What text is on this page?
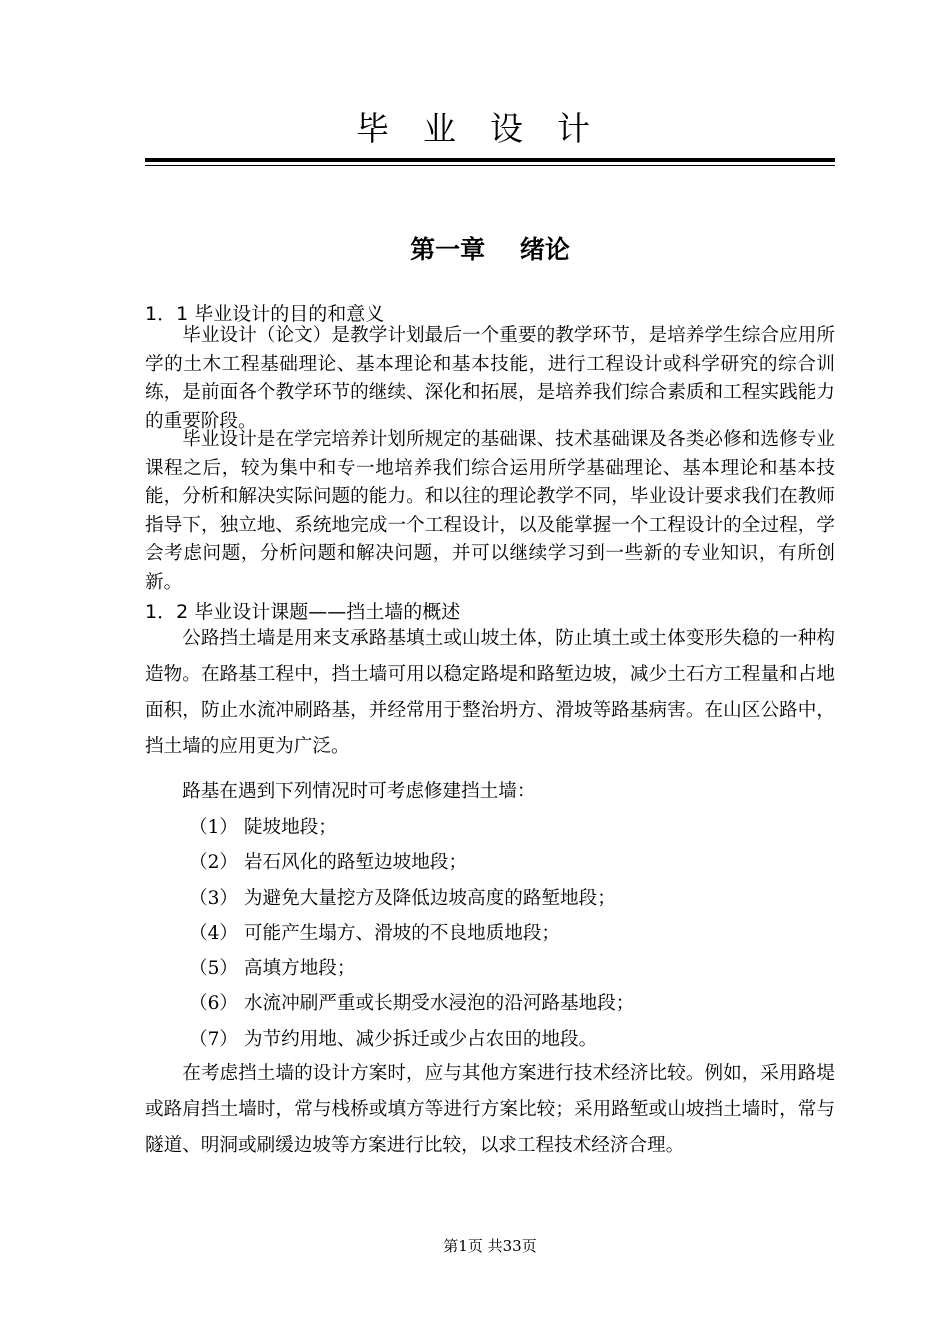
毕业设计
第一章    绪论
1．1 毕业设计的目的和意义

毕业设计（论文）是教学计划最后一个重要的教学环节，是培养学生综合应用所学的土木工程基础理论、基本理论和基本技能，进行工程设计或科学研究的综合训练，是前面各个教学环节的继续、深化和拓展，是培养我们综合素质和工程实践能力的重要阶段。

毕业设计是在学完培养计划所规定的基础课、技术基础课及各类必修和选修专业课程之后，较为集中和专一地培养我们综合运用所学基础理论、基本理论和基本技能，分析和解决实际问题的能力。和以往的理论教学不同，毕业设计要求我们在教师指导下，独立地、系统地完成一个工程设计，以及能掌握一个工程设计的全过程，学会考虑问题，分析问题和解决问题，并可以继续学习到一些新的专业知识，有所创新。

1．2 毕业设计课题——挡土墙的概述

公路挡土墙是用来支承路基填土或山坡土体，防止填土或土体变形失稳的一种构造物。在路基工程中，挡土墙可用以稳定路堤和路堑边坡，减少土石方工程量和占地面积，防止水流冲刷路基，并经常用于整治坍方、滑坡等路基病害。在山区公路中，挡土墙的应用更为广泛。

路基在遇到下列情况时可考虑修建挡土墙：

（1） 陡坡地段；
（2） 岩石风化的路堑边坡地段；
（3） 为避免大量挖方及降低边坡高度的路堑地段；
（4） 可能产生塌方、滑坡的不良地质地段；
（5） 高填方地段；
（6） 水流冲刷严重或长期受水浸泡的沿河路基地段；
（7） 为节约用地、减少拆迁或少占农田的地段。

在考虑挡土墙的设计方案时，应与其他方案进行技术经济比较。例如，采用路堤或路肩挡土墙时，常与栈桥或填方等进行方案比较；采用路堑或山坡挡土墙时，常与隧道、明洞或刷缓边坡等方案进行比较，以求工程技术经济合理。

第1页 共33页
